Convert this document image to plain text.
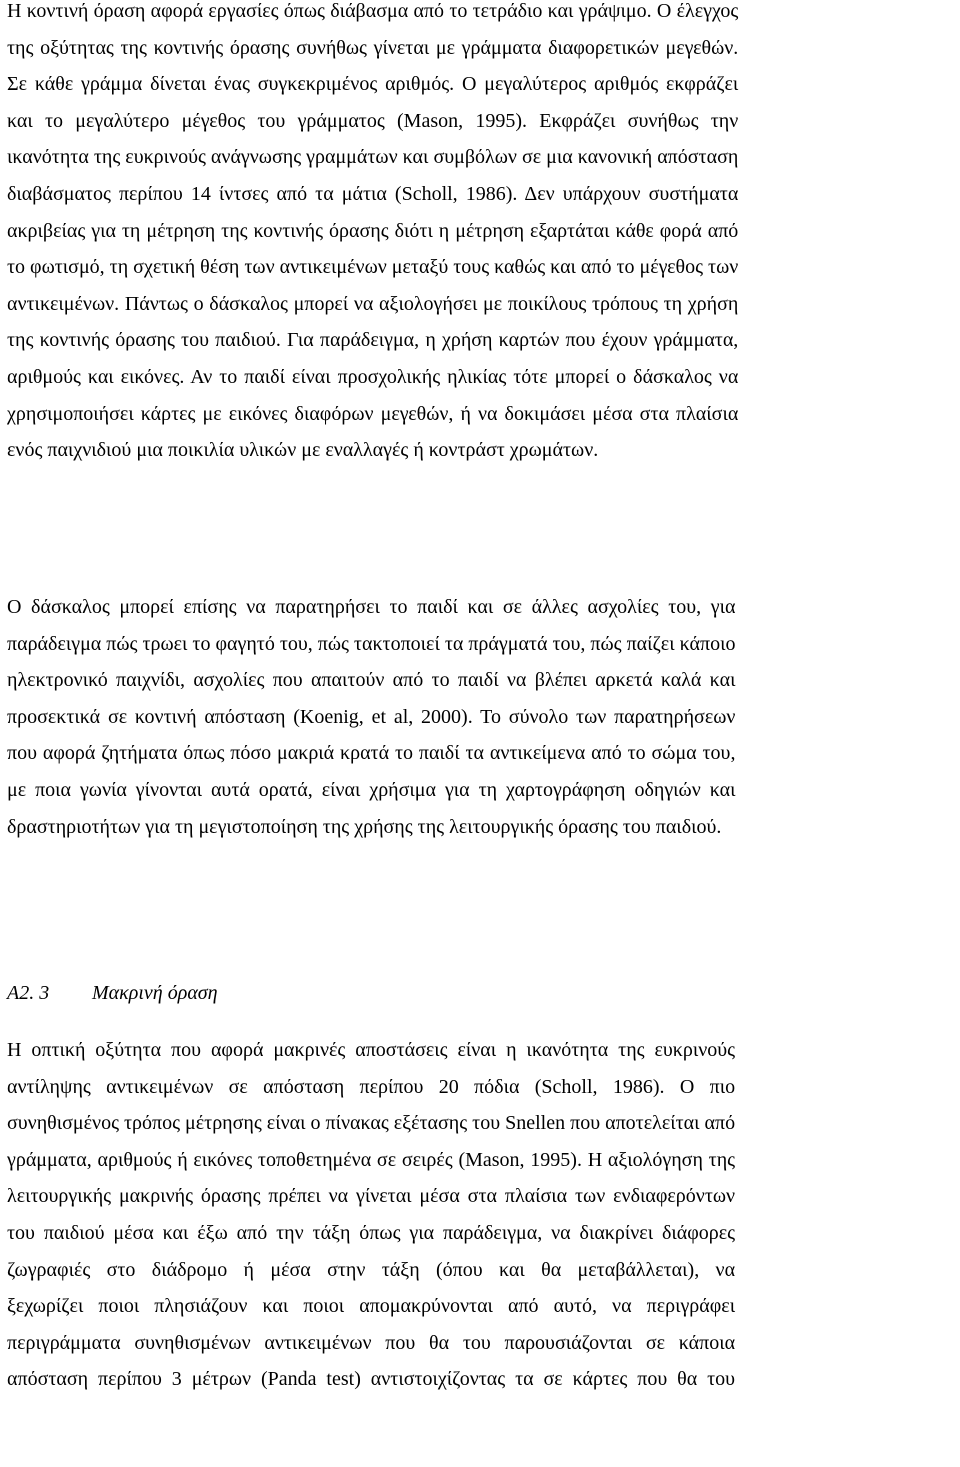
Η κοντινή όραση αφορά εργασίες όπως διάβασμα από το τετράδιο και γράψιμο. Ο έλεγχος
της οξύτητας της κοντινής όρασης συνήθως γίνεται με γράμματα διαφορετικών μεγεθών.
Σε κάθε γράμμα δίνεται ένας συγκεκριμένος αριθμός. Ο μεγαλύτερος αριθμός εκφράζει
και το μεγαλύτερο μέγεθος του γράμματος (Mason, 1995). Εκφράζει συνήθως την
ικανότητα της ευκρινούς ανάγνωσης γραμμάτων και συμβόλων σε μια κανονική απόσταση
διαβάσματος περίπου 14 ίντσες από τα μάτια (Scholl, 1986). Δεν υπάρχουν συστήματα
ακριβείας για τη μέτρηση της κοντινής όρασης διότι η μέτρηση εξαρτάται κάθε φορά από
το φωτισμό, τη σχετική θέση των αντικειμένων μεταξύ τους καθώς και από το μέγεθος των
αντικειμένων. Πάντως ο δάσκαλος μπορεί να αξιολογήσει με ποικίλους τρόπους τη χρήση
της κοντινής όρασης του παιδιού. Για παράδειγμα, η χρήση καρτών που έχουν γράμματα,
αριθμούς και εικόνες. Αν το παιδί είναι προσχολικής ηλικίας τότε μπορεί ο δάσκαλος να
χρησιμοποιήσει κάρτες με εικόνες διαφόρων μεγεθών, ή να δοκιμάσει μέσα στα πλαίσια
ενός παιχνιδιού μια ποικιλία υλικών με εναλλαγές ή κοντράστ χρωμάτων.
Ο δάσκαλος μπορεί επίσης να παρατηρήσει το παιδί και σε άλλες ασχολίες του, για
παράδειγμα πώς τρωει το φαγητό του, πώς τακτοποιεί τα πράγματά του, πώς παίζει κάποιο
ηλεκτρονικό παιχνίδι, ασχολίες που απαιτούν από το παιδί να βλέπει αρκετά καλά και
προσεκτικά σε κοντινή απόσταση (Koenig, et al, 2000). Το σύνολο των παρατηρήσεων
που αφορά ζητήματα όπως πόσο μακριά κρατά το παιδί τα αντικείμενα από το σώμα του,
με ποια γωνία γίνονται αυτά ορατά, είναι χρήσιμα για τη χαρτογράφηση οδηγιών και
δραστηριοτήτων για τη μεγιστοποίηση της χρήσης της λειτουργικής όρασης του παιδιού.
Α2. 3 Μακρινή όραση
Η οπτική οξύτητα που αφορά μακρινές αποστάσεις είναι η ικανότητα της ευκρινούς
αντίληψης αντικειμένων σε απόσταση περίπου 20 πόδια (Scholl, 1986). Ο πιο
συνηθισμένος τρόπος μέτρησης είναι ο πίνακας εξέτασης του Snellen που αποτελείται από
γράμματα, αριθμούς ή εικόνες τοποθετημένα σε σειρές (Mason, 1995). Η αξιολόγηση της
λειτουργικής μακρινής όρασης πρέπει να γίνεται μέσα στα πλαίσια των ενδιαφερόντων
του παιδιού μέσα και έξω από την τάξη όπως για παράδειγμα, να διακρίνει διάφορες
ζωγραφιές στο διάδρομο ή μέσα στην τάξη (όπου και θα μεταβάλλεται), να
ξεχωρίζει ποιοι πλησιάζουν και ποιοι απομακρύνονται από αυτό, να περιγράφει
περιγράμματα συνηθισμένων αντικειμένων που θα του παρουσιάζονται σε κάποια
απόσταση περίπου 3 μέτρων (Panda test) αντιστοιχίζοντας τα σε κάρτες που θα του
